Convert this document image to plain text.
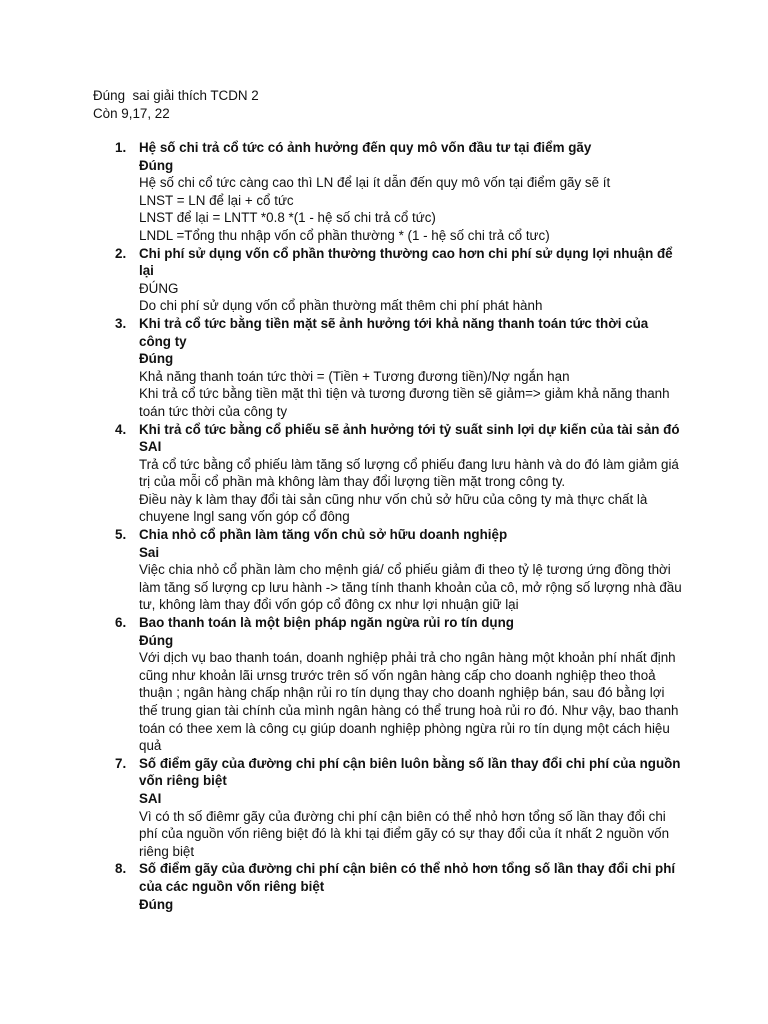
Đúng  sai giải thích TCDN 2
Còn 9,17, 22
1. Hệ số chi trả cổ tức có ảnh hưởng đến quy mô vốn đầu tư tại điểm gãy
Đúng
Hệ số chi cổ tức càng cao thì LN để lại ít dẫn đến quy mô vốn tại điểm gãy sẽ ít
LNST = LN để lại + cổ tức
LNST để lại = LNTT *0.8 *(1 - hệ số chi trả cổ tức)
LNDL =Tổng thu nhập vốn cổ phần thường * (1 - hệ số chi trả cổ tưc)
2. Chi phí sử dụng vốn cổ phần thường thường cao hơn chi phí sử dụng lợi nhuận để lại
ĐÚNG
Do chi phí sử dụng vốn cổ phần thường mất thêm chi phí phát hành
3. Khi trả cổ tức bằng tiền mặt sẽ ảnh hưởng tới khả năng thanh toán tức thời của công ty
Đúng
Khả năng thanh toán tức thời = (Tiền + Tương đương tiền)/Nợ ngắn hạn
Khi trả cổ tức bằng tiền mặt thì tiện và tương đương tiền sẽ giảm=> giảm khả năng thanh toán tức thời của công ty
4. Khi trả cổ tức bằng cổ phiếu sẽ ảnh hưởng tới tỷ suất sinh lợi dự kiến của tài sản đó
SAI
Trả cổ tức bằng cổ phiếu làm tăng số lượng cổ phiếu đang lưu hành và do đó làm giảm giá trị của mỗi cổ phần mà không làm thay đổi lượng tiền mặt trong công ty.
Điều này k làm thay đổi tài sản cũng như vốn chủ sở hữu của công ty mà thực chất là chuyene lngl sang vốn góp cổ đông
5. Chia nhỏ cổ phần làm tăng vốn chủ sở hữu doanh nghiệp
Sai
Việc chia nhỏ cổ phần làm cho mệnh giá/ cổ phiếu giảm đi theo tỷ lệ tương ứng đồng thời làm tăng số lượng cp lưu hành -> tăng tính thanh khoản của cô, mở rộng số lượng nhà đầu tư, không làm thay đổi vốn góp cổ đông cx như lợi nhuận giữ lại
6. Bao thanh toán là một biện pháp ngăn ngừa rủi ro tín dụng
Đúng
Với dịch vụ bao thanh toán, doanh nghiệp phải trả cho ngân hàng một khoản phí nhất định cũng như khoản lãi ưnsg trước trên số vốn ngân hàng cấp cho doanh nghiệp theo thoả thuận ; ngân hàng chấp nhận rủi ro tín dụng thay cho doanh nghiệp bán, sau đó bằng lợi thế trung gian tài chính của mình ngân hàng có thể trung hoà rủi ro đó. Như vậy, bao thanh toán có thee xem là công cụ giúp doanh nghiệp phòng ngừa rủi ro tín dụng một cách hiệu quả
7. Số điểm gãy của đường chi phí cận biên luôn bằng số lần thay đổi chi phí của nguồn vốn riêng biệt
SAI
Vì có th số điêmr gãy của đường chi phí cận biên có thể nhỏ hơn tổng số lần thay đổi chi phí của nguồn vốn riêng biệt đó là khi tại điểm gãy có sự thay đổi của ít nhất 2 nguồn vốn riêng biệt
8. Số điểm gãy của đường chi phí cận biên có thể nhỏ hơn tổng số lần thay đổi chi phí của các nguồn vốn riêng biệt
Đúng
